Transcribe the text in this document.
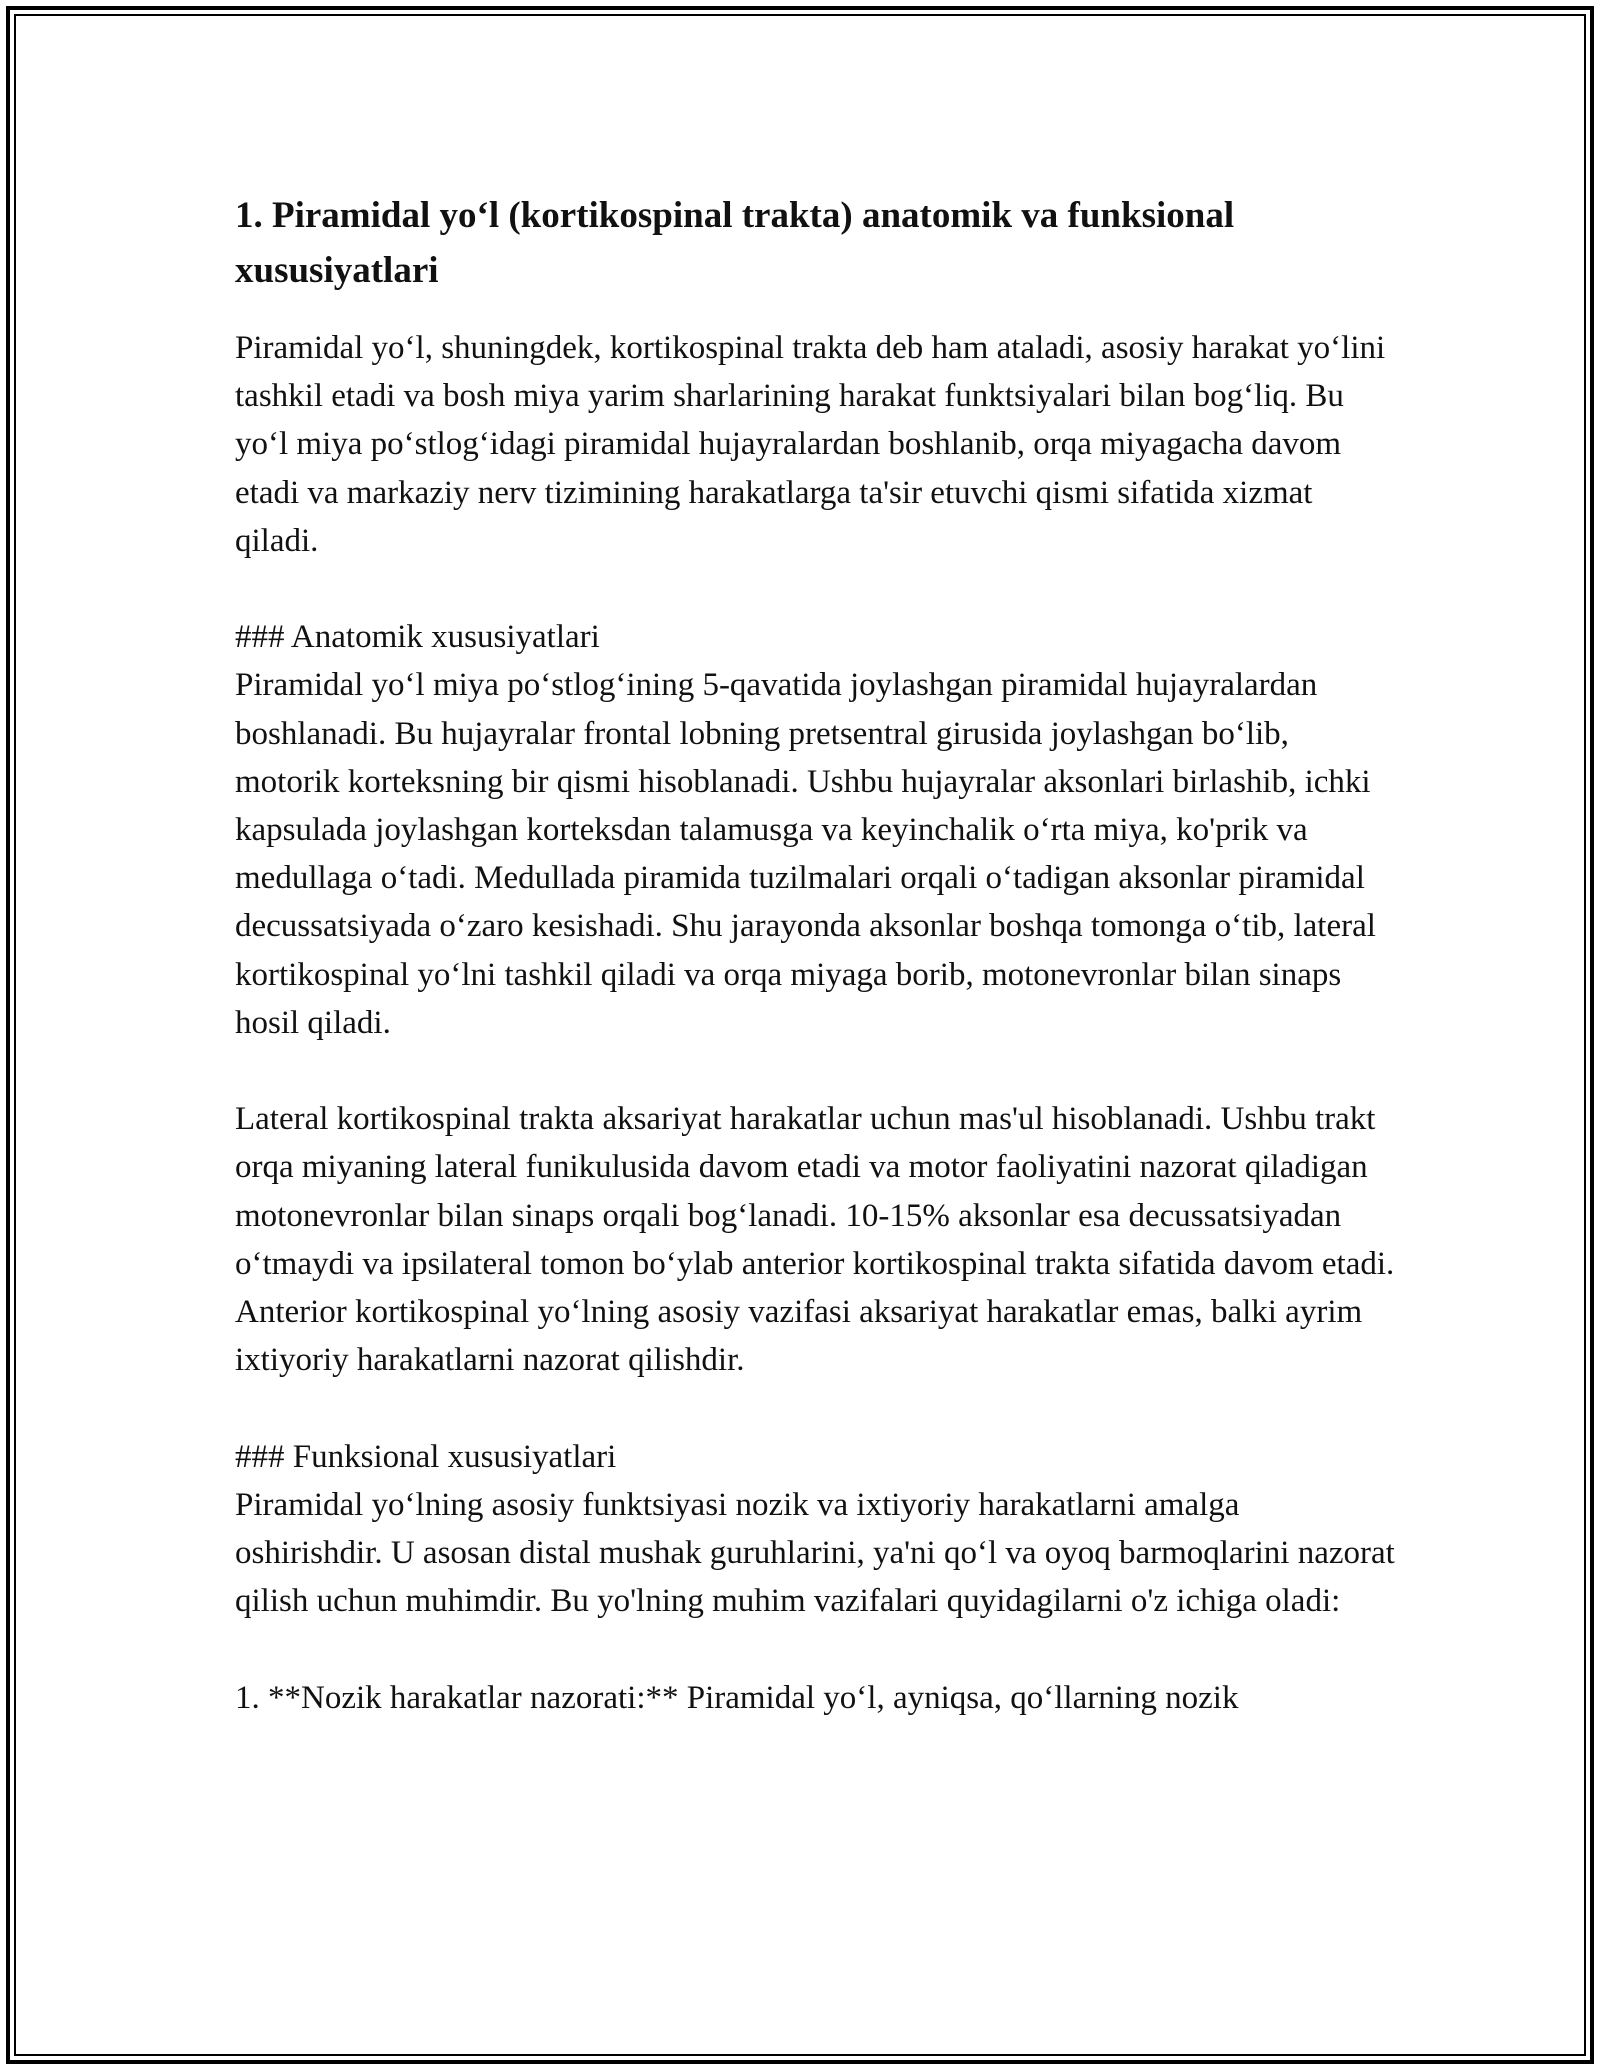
1. Piramidal yo‘l (kortikospinal trakta) anatomik va funksional xususiyatlari

Piramidal yo‘l, shuningdek, kortikospinal trakta deb ham ataladi, asosiy harakat yo‘lini tashkil etadi va bosh miya yarim sharlarining harakat funktsiyalari bilan bog‘liq. Bu yo‘l miya po‘stlog‘idagi piramidal hujayralardan boshlanib, orqa miyagacha davom etadi va markaziy nerv tizimining harakatlarga ta'sir etuvchi qismi sifatida xizmat qiladi.

### Anatomik xususiyatlari

Piramidal yo‘l miya po‘stlog‘ining 5-qavatida joylashgan piramidal hujayralardan boshlanadi. Bu hujayralar frontal lobning pretsentral girusida joylashgan bo‘lib, motorik korteksning bir qismi hisoblanadi. Ushbu hujayralar aksonlari birlashib, ichki kapsulada joylashgan korteksdan talamusga va keyinchalik o‘rta miya, ko'prik va medullaga o‘tadi. Medullada piramida tuzilmalari orqali o‘tadigan aksonlar piramidal decussatsiyada o‘zaro kesishadi. Shu jarayonda aksonlar boshqa tomonga o‘tib, lateral kortikospinal yo‘lni tashkil qiladi va orqa miyaga borib, motonevronlar bilan sinaps hosil qiladi.

Lateral kortikospinal trakta aksariyat harakatlar uchun mas'ul hisoblanadi. Ushbu trakt orqa miyaning lateral funikulusida davom etadi va motor faoliyatini nazorat qiladigan motonevronlar bilan sinaps orqali bog‘lanadi. 10-15% aksonlar esa decussatsiyadan o‘tmaydi va ipsilateral tomon bo‘ylab anterior kortikospinal trakta sifatida davom etadi. Anterior kortikospinal yo‘lning asosiy vazifasi aksariyat harakatlar emas, balki ayrim ixtiyoriy harakatlarni nazorat qilishdir.

### Funksional xususiyatlari

Piramidal yo‘lning asosiy funktsiyasi nozik va ixtiyoriy harakatlarni amalga oshirishdir. U asosan distal mushak guruhlarini, ya'ni qo‘l va oyoq barmoqlarini nazorat qilish uchun muhimdir. Bu yo'lning muhim vazifalari quyidagilarni o'z ichiga oladi:

1. **Nozik harakatlar nazorati:** Piramidal yo‘l, ayniqsa, qo‘llarning nozik
